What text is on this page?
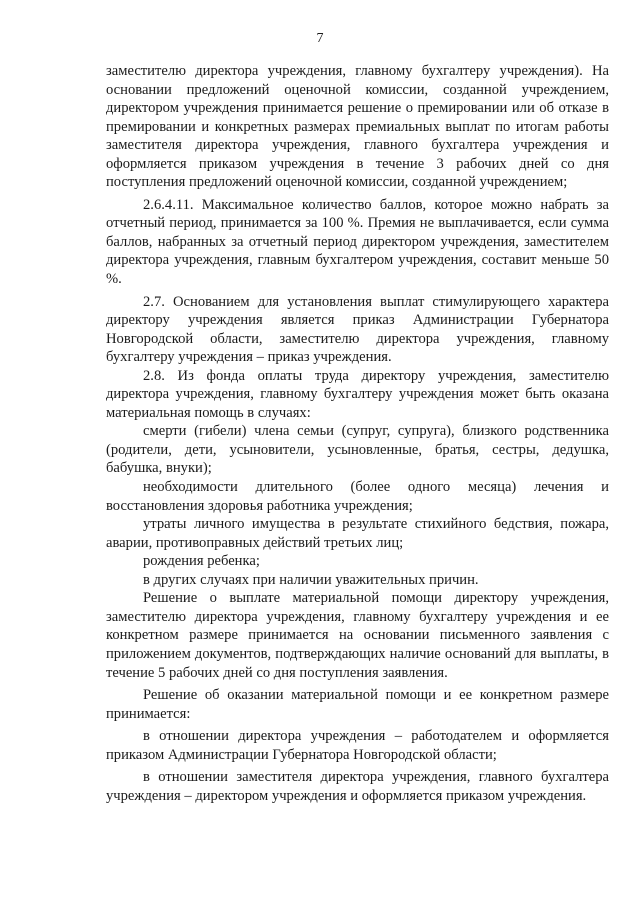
7

заместителю директора учреждения, главному бухгалтеру учреждения). На основании предложений оценочной комиссии, созданной учреждением, директором учреждения принимается решение о премировании или об отказе в премировании и конкретных размерах премиальных выплат по итогам работы заместителя директора учреждения, главного бухгалтера учреждения и оформляется приказом учреждения в течение 3 рабочих дней со дня поступления предложений оценочной комиссии, созданной учреждением;

2.6.4.11. Максимальное количество баллов, которое можно набрать за отчетный период, принимается за 100 %. Премия не выплачивается, если сумма баллов, набранных за отчетный период директором учреждения, заместителем директора учреждения, главным бухгалтером учреждения, составит меньше 50 %.

2.7. Основанием для установления выплат стимулирующего характера директору учреждения является приказ Администрации Губернатора Новгородской области, заместителю директора учреждения, главному бухгалтеру учреждения – приказ учреждения.

2.8. Из фонда оплаты труда директору учреждения, заместителю директора учреждения, главному бухгалтеру учреждения может быть оказана материальная помощь в случаях:

смерти (гибели) члена семьи (супруг, супруга), близкого родственника (родители, дети, усыновители, усыновленные, братья, сестры, дедушка, бабушка, внуки);

необходимости длительного (более одного месяца) лечения и восстановления здоровья работника учреждения;

утраты личного имущества в результате стихийного бедствия, пожара, аварии, противоправных действий третьих лиц;

рождения ребенка;

в других случаях при наличии уважительных причин.

Решение о выплате материальной помощи директору учреждения, заместителю директора учреждения, главному бухгалтеру учреждения и ее конкретном размере принимается на основании письменного заявления с приложением документов, подтверждающих наличие оснований для выплаты, в течение 5 рабочих дней со дня поступления заявления.

Решение об оказании материальной помощи и ее конкретном размере принимается:

в отношении директора учреждения – работодателем и оформляется приказом Администрации Губернатора Новгородской области;

в отношении заместителя директора учреждения, главного бухгалтера учреждения – директором учреждения и оформляется приказом учреждения.
